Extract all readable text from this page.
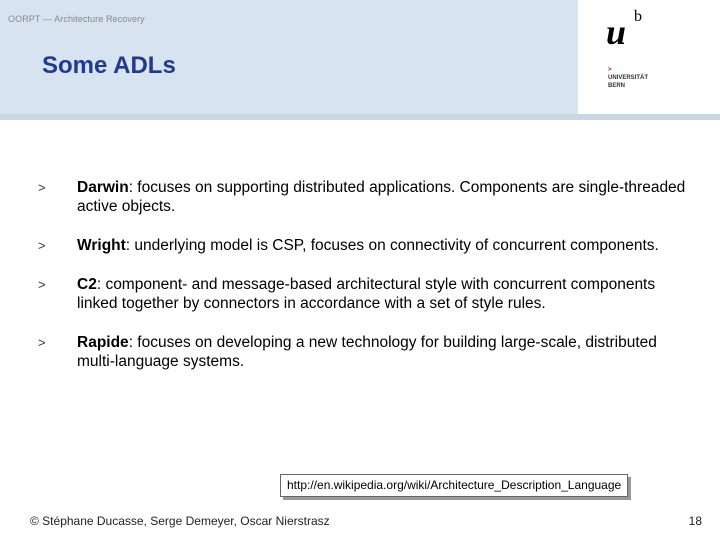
OORPT — Architecture Recovery
Some ADLs
u b
>
UNIVERSITÄT
BERN
> Darwin: focuses on supporting distributed applications. Components are single-threaded active objects.
> Wright: underlying model is CSP, focuses on connectivity of concurrent components.
> C2: component- and message-based architectural style with concurrent components linked together by connectors in accordance with a set of style rules.
> Rapide: focuses on developing a new technology for building large-scale, distributed multi-language systems.
http://en.wikipedia.org/wiki/Architecture_Description_Language
© Stéphane Ducasse, Serge Demeyer, Oscar Nierstrasz	18
